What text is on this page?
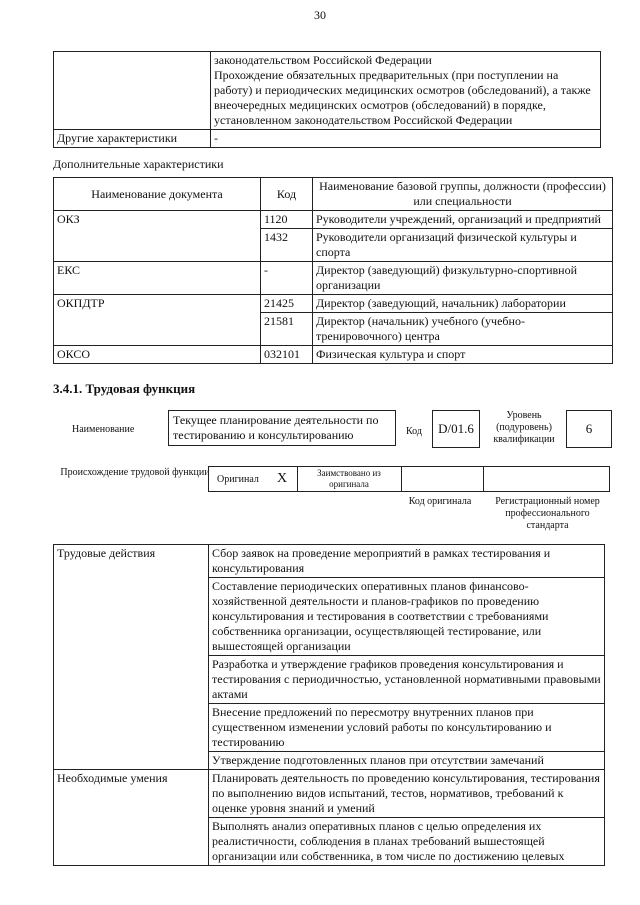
30

	законодательством Российской Федерации
Прохождение обязательных предварительных (при поступлении на работу) и периодических медицинских осмотров (обследований), а также внеочередных медицинских осмотров (обследований) в порядке, установленном законодательством Российской Федерации

Другие характеристики	-
Дополнительные характеристики
Наименование документа	Код	Наименование базовой группы, должности (профессии) или специальности
ОКЗ	1120	Руководители учреждений, организаций и предприятий
	1432	Руководители организаций физической культуры и спорта
ЕКС	-	Директор (заведующий) физкультурно-спортивной организации
ОКПДТР	21425	Директор (заведующий, начальник) лаборатории
	21581	Директор (начальник) учебного (учебно-тренировочного) центра
ОКСО	032101	Физическая культура и спорт
3.4.1. Трудовая функция
Наименование
Текущее планирование деятельности по тестированию и консультированию	Код	D/01.6
Уровень (подуровень) квалификации
6
Происхождение трудовой функции
Оригинал X	Заимствовано из оригинала
Код оригинала	Регистрационный номер профессионального стандарта
Трудовые действия	Сбор заявок на проведение мероприятий в рамках тестирования и консультирования
	Составление периодических оперативных планов финансово-хозяйственной деятельности и планов-графиков по проведению консультирования и тестирования в соответствии с требованиями собственника организации, осуществляющей тестирование, или вышестоящей организации
	Разработка и утверждение графиков проведения консультирования и тестирования с периодичностью, установленной нормативными правовыми актами
	Внесение предложений по пересмотру внутренних планов при существенном изменении условий работы по консультированию и тестированию
	Утверждение подготовленных планов при отсутствии замечаний
Необходимые умения	Планировать деятельность по проведению консультирования, тестирования по выполнению видов испытаний, тестов, нормативов, требований к оценке уровня знаний и умений
	Выполнять анализ оперативных планов с целью определения их реалистичности, соблюдения в планах требований вышестоящей организации или собственника, в том числе по достижению целевых
